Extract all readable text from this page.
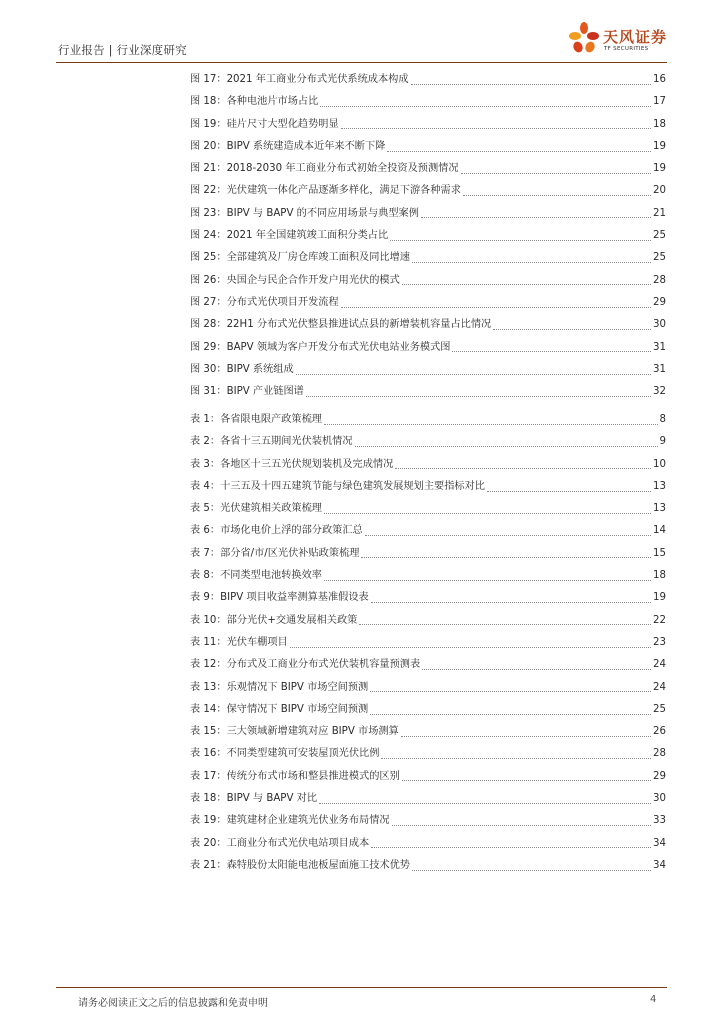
行业报告 | 行业深度研究
天风证券
TF SECURITIES
图 17：2021 年工商业分布式光伏系统成本构成	16
图 18：各种电池片市场占比	17
图 19：硅片尺寸大型化趋势明显	18
图 20：BIPV 系统建造成本近年来不断下降	19
图 21：2018-2030 年工商业分布式初始全投资及预测情况	19
图 22：光伏建筑一体化产品逐渐多样化，满足下游各种需求	20
图 23：BIPV 与 BAPV 的不同应用场景与典型案例	21
图 24：2021 年全国建筑竣工面积分类占比	25
图 25：全部建筑及厂房仓库竣工面积及同比增速	25
图 26：央国企与民企合作开发户用光伏的模式	28
图 27：分布式光伏项目开发流程	29
图 28：22H1 分布式光伏整县推进试点县的新增装机容量占比情况	30
图 29：BAPV 领域为客户开发分布式光伏电站业务模式图	31
图 30：BIPV 系统组成	31
图 31：BIPV 产业链图谱	32
表 1：各省限电限产政策梳理	8
表 2：各省十三五期间光伏装机情况	9
表 3：各地区十三五光伏规划装机及完成情况	10
表 4：十三五及十四五建筑节能与绿色建筑发展规划主要指标对比	13
表 5：光伏建筑相关政策梳理	13
表 6：市场化电价上浮的部分政策汇总	14
表 7：部分省/市/区光伏补贴政策梳理	15
表 8：不同类型电池转换效率	18
表 9：BIPV 项目收益率测算基准假设表	19
表 10：部分光伏+交通发展相关政策	22
表 11：光伏车棚项目	23
表 12：分布式及工商业分布式光伏装机容量预测表	24
表 13：乐观情况下 BIPV 市场空间预测	24
表 14：保守情况下 BIPV 市场空间预测	25
表 15：三大领域新增建筑对应 BIPV 市场测算	26
表 16：不同类型建筑可安装屋顶光伏比例	28
表 17：传统分布式市场和整县推进模式的区别	29
表 18：BIPV 与 BAPV 对比	30
表 19：建筑建材企业建筑光伏业务布局情况	33
表 20：工商业分布式光伏电站项目成本	34
表 21：森特股份太阳能电池板屋面施工技术优势	34
请务必阅读正文之后的信息披露和免责申明	4
